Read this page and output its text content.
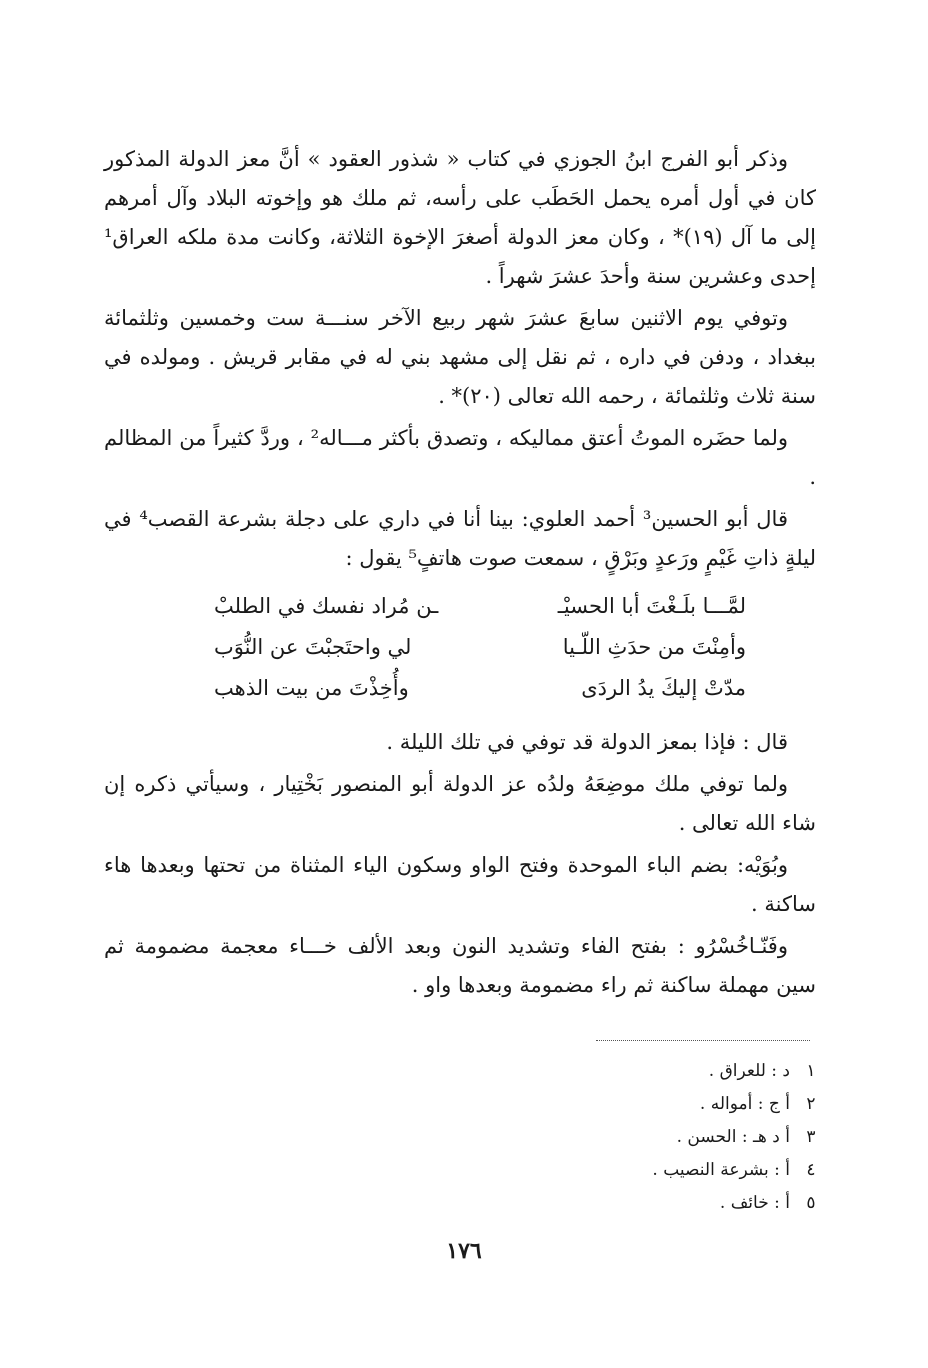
وذكر أبو الفرج ابنُ الجوزي في كتاب « شذور العقود » أنَّ معز الدولة المذكور كان في أول أمره يحمل الحَطَب على رأسه، ثم ملك هو وإخوته البلاد وآل أمرهم إلى ما آل (١٩)* ، وكان معز الدولة أصغرَ الإخوة الثلاثة، وكانت مدة ملكه العراق¹ إحدى وعشرين سنة وأحدَ عشرَ شهراً .

وتوفي يوم الاثنين سابعَ عشرَ شهر ربيع الآخر سنـــة ست وخمسين وثلثمائة ببغداد ، ودفن في داره ، ثم نقل إلى مشهد بني له في مقابر قريش . ومولده في سنة ثلاث وثلثمائة ، رحمه الله تعالى (٢٠)* .

ولما حضَره الموتُ أعتق مماليكه ، وتصدق بأكثر مـــاله² ، وردَّ كثيراً من المظالم .

قال أبو الحسين³ أحمد العلوي: بينا أنا في داري على دجلة بشرعة القصب⁴ في ليلةٍ ذاتِ غَيْمٍ ورَعدٍ وبَرْقٍ ، سمعت صوت هاتفٍ⁵ يقول :

لمَّـــا بلَـغْتَ أبا الحسيْـ
ـن مُراد نفسك في الطلبْ
وأمِنْتَ من حدَثِ اللّـيا
لي واحتَجبْتَ عن النُّوَب
مدّتْ إليكَ يدُ الردَى
وأُخِذْتَ من بيت الذهب

قال : فإذا بمعز الدولة قد توفي في تلك الليلة .

ولما توفي ملك موضِعَهُ ولدُه عز الدولة أبو المنصور بَخْتِيار ، وسيأتي ذكره إن شاء الله تعالى .

وبُوَيْه: بضم الباء الموحدة وفتح الواو وسكون الياء المثناة من تحتها وبعدها هاء ساكنة .

وفَنّـاخُسْرُو : بفتح الفاء وتشديد النون وبعد الألف خـــاء معجمة مضمومة ثم سين مهملة ساكنة ثم راء مضمومة وبعدها واو .

١
د : للعراق .
٢
أ ج : أمواله .
٣
أ د هـ : الحسن .
٤
أ : بشرعة النصيب .
٥
أ : خائف .
١٧٦
